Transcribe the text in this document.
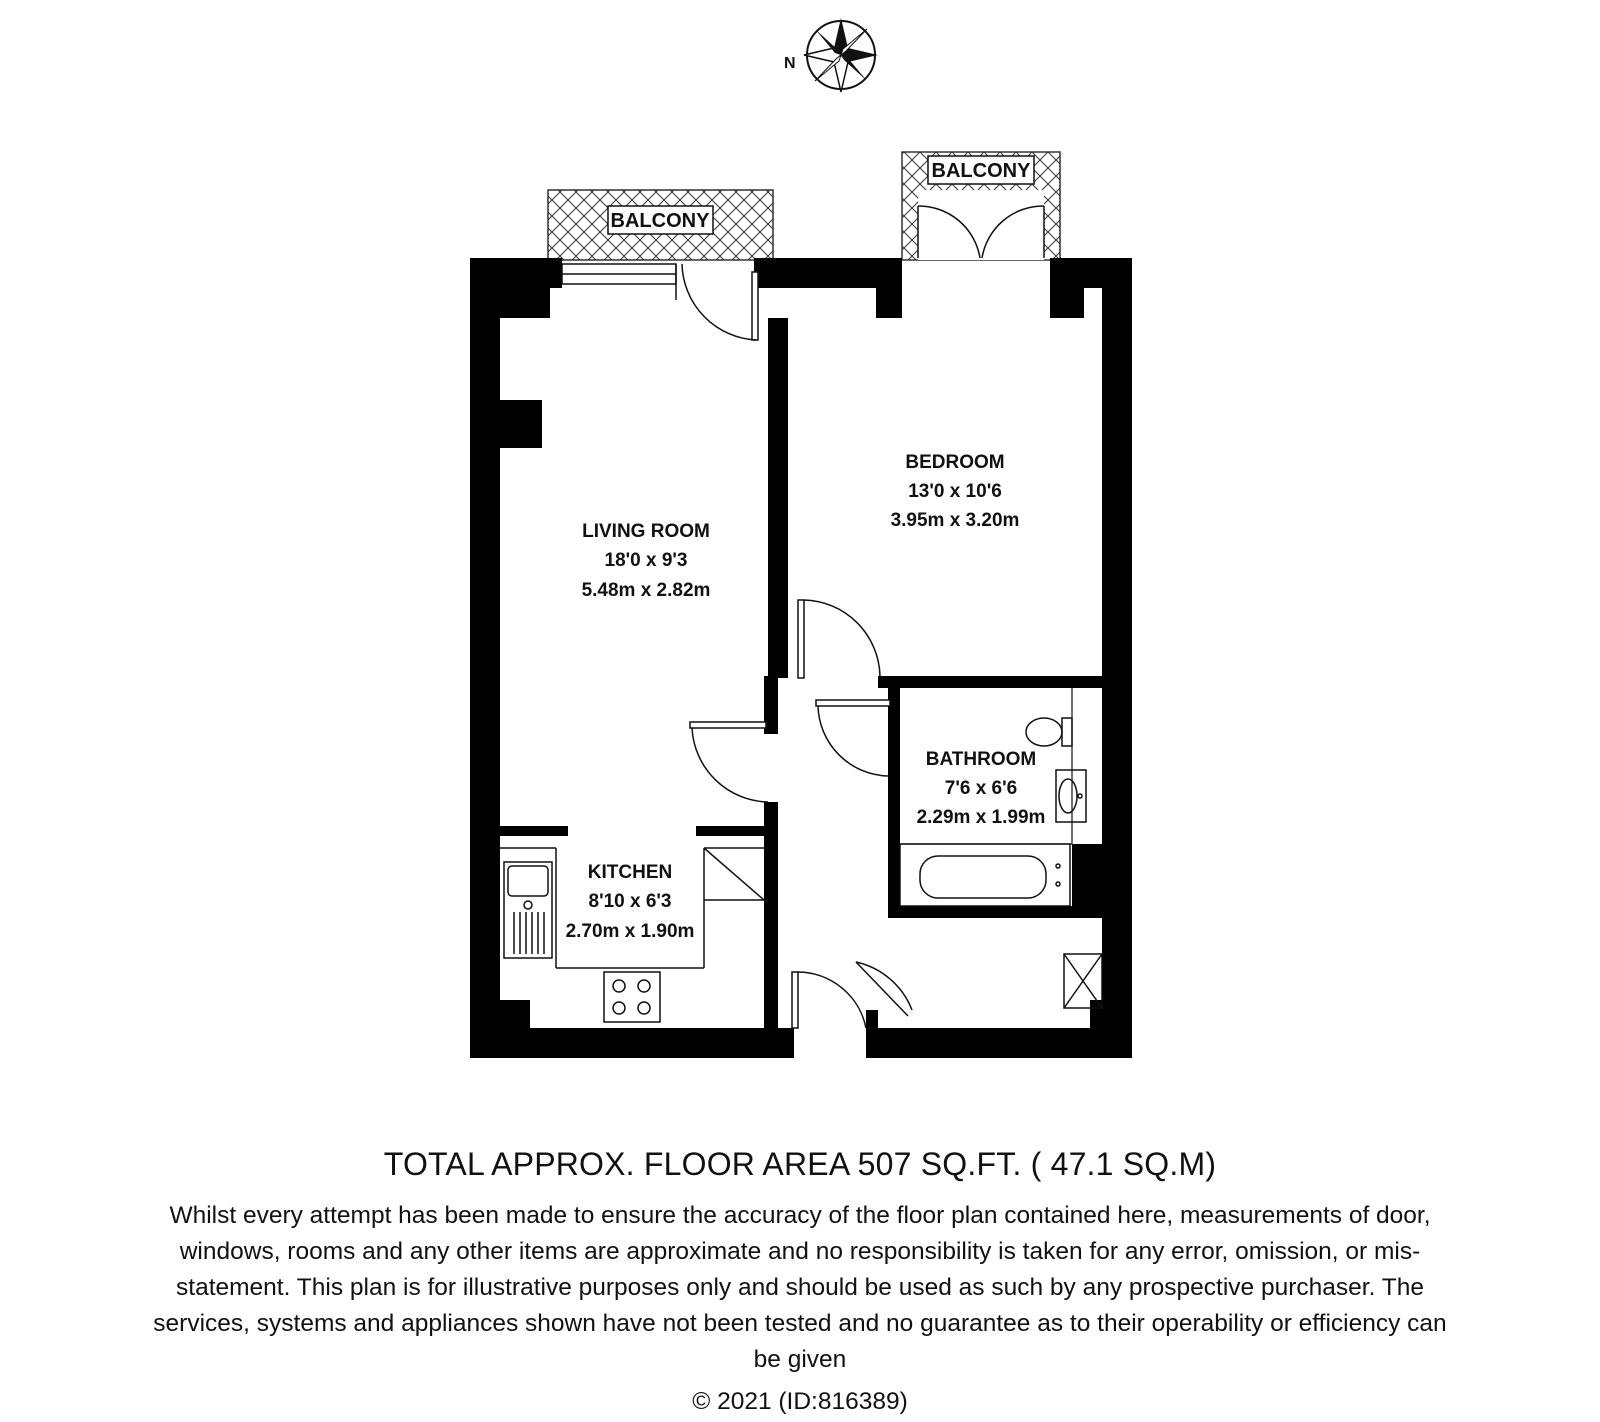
N
BALCONY
BALCONY
LIVING ROOM
18'0 x 9'3
5.48m x 2.82m
BEDROOM
13'0 x 10'6
3.95m x 3.20m
BATHROOM
7'6 x 6'6
2.29m x 1.99m
KITCHEN
8'10 x 6'3
2.70m x 1.90m
TOTAL APPROX. FLOOR AREA 507 SQ.FT. ( 47.1 SQ.M)
Whilst every attempt has been made to ensure the accuracy of the floor plan contained here, measurements of door, windows, rooms and any other items are approximate and no responsibility is taken for any error, omission, or mis-statement. This plan is for illustrative purposes only and should be used as such by any prospective purchaser. The services, systems and appliances shown have not been tested and no guarantee as to their operability or efficiency can be given
© 2021 (ID:816389)
